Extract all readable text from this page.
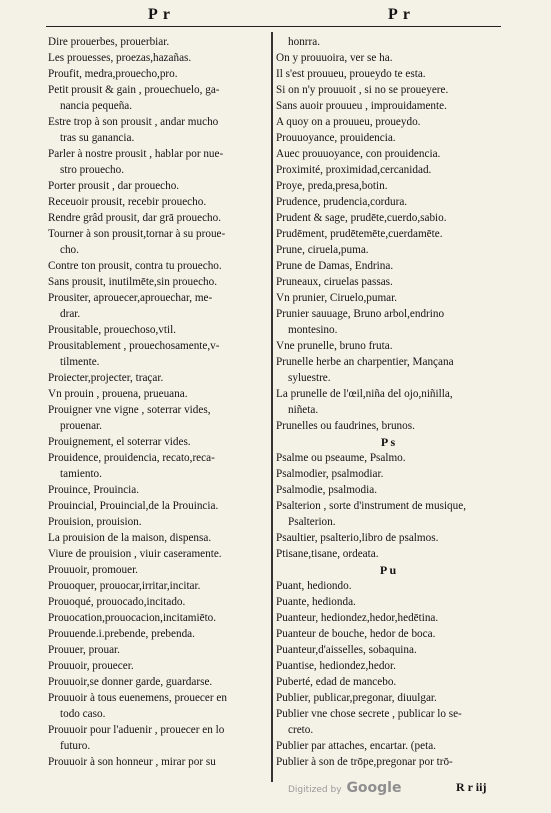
P r	P r
Dire prouerbes, prouerbiar.
Les prouesses, proezas,hazañas.
Proufit, medra,prouecho,pro.
Petit prousit & gain , prouechuelo, ga-
nancia pequeña.
Estre trop à son prousit , andar mucho
tras su ganancia.
Parler à nostre prousit , hablar por nue-
stro prouecho.
Porter prousit , dar prouecho.
Receuoir prousit, recebir prouecho.
Rendre grâd prousit, dar grā prouecho.
Tourner à son prousit,tornar à su proue-
cho.
Contre ton prousit, contra tu prouecho.
Sans prousit, inutilmēte,sin prouecho.
Prousiter, aprouecer,aprouechar, me-
drar.
Prousitable, prouechoso,vtil.
Prousitablement , prouechosamente,v-
tilmente.
Proiecter,projecter, traçar.
Vn prouin , prouena, prueuana.
Prouigner vne vigne , soterrar vides,
prouenar.
Prouignement, el soterrar vides.
Prouidence, prouidencia, recato,reca-
tamiento.
Prouince, Prouincia.
Prouincial, Prouincial,de la Prouincia.
Prouision, prouision.
La prouision de la maison, dispensa.
Viure de prouision , viuir caseramente.
Prouuoir, promouer.
Prouoquer, prouocar,irritar,incitar.
Prouoqué, prouocado,incitado.
Prouocation,prouocacion,incitamiēto.
Prouuende.i.prebende, prebenda.
Prouuer, prouar.
Prouuoir, prouecer.
Prouuoir,se donner garde, guardarse.
Prouuoir à tous euenemens, prouecer en
todo caso.
Prouuoir pour l'aduenir , prouecer en lo
futuro.
Prouuoir à son honneur , mirar por su
honrra.
On y prouuoira, ver se ha.
Il s'est prouueu, proueydo te esta.
Si on n'y prouuoit , si no se proueyere.
Sans auoir prouueu , improuidamente.
A quoy on a prouueu, proueydo.
Prouuoyance, prouidencia.
Auec prouuoyance, con prouidencia.
Proximité, proximidad,cercanidad.
Proye, preda,presa,botin.
Prudence, prudencia,cordura.
Prudent & sage, prudēte,cuerdo,sabio.
Prudēment, prudētemēte,cuerdamēte.
Prune, ciruela,puma.
Prune de Damas, Endrina.
Pruneaux, ciruelas passas.
Vn prunier, Ciruelo,pumar.
Prunier sauuage, Bruno arbol,endrino
montesino.
Vne prunelle, bruno fruta.
Prunelle herbe an charpentier, Mançana
syluestre.
La prunelle de l'œil,niña del ojo,niñilla,
niñeta.
Prunelles ou faudrines, brunos.
P s
Psalme ou pseaume, Psalmo.
Psalmodier, psalmodiar.
Psalmodie, psalmodia.
Psalterion , sorte d'instrument de musique,
Psalterion.
Psaultier, psalterio,libro de psalmos.
Ptisane,tisane, ordeata.
P u
Puant, hediondo.
Puante, hedionda.
Puanteur, hediondez,hedor,hedētina.
Puanteur de bouche, hedor de boca.
Puanteur,d'aisselles, sobaquina.
Puantise, hediondez,hedor.
Puberté, edad de mancebo.
Publier, publicar,pregonar, diuulgar.
Publier vne chose secrete , publicar lo se-
creto.
Publier par attaches, encartar. (peta.
Publier à son de trōpe,pregonar por trō-
Digitized by Google	R r iij
